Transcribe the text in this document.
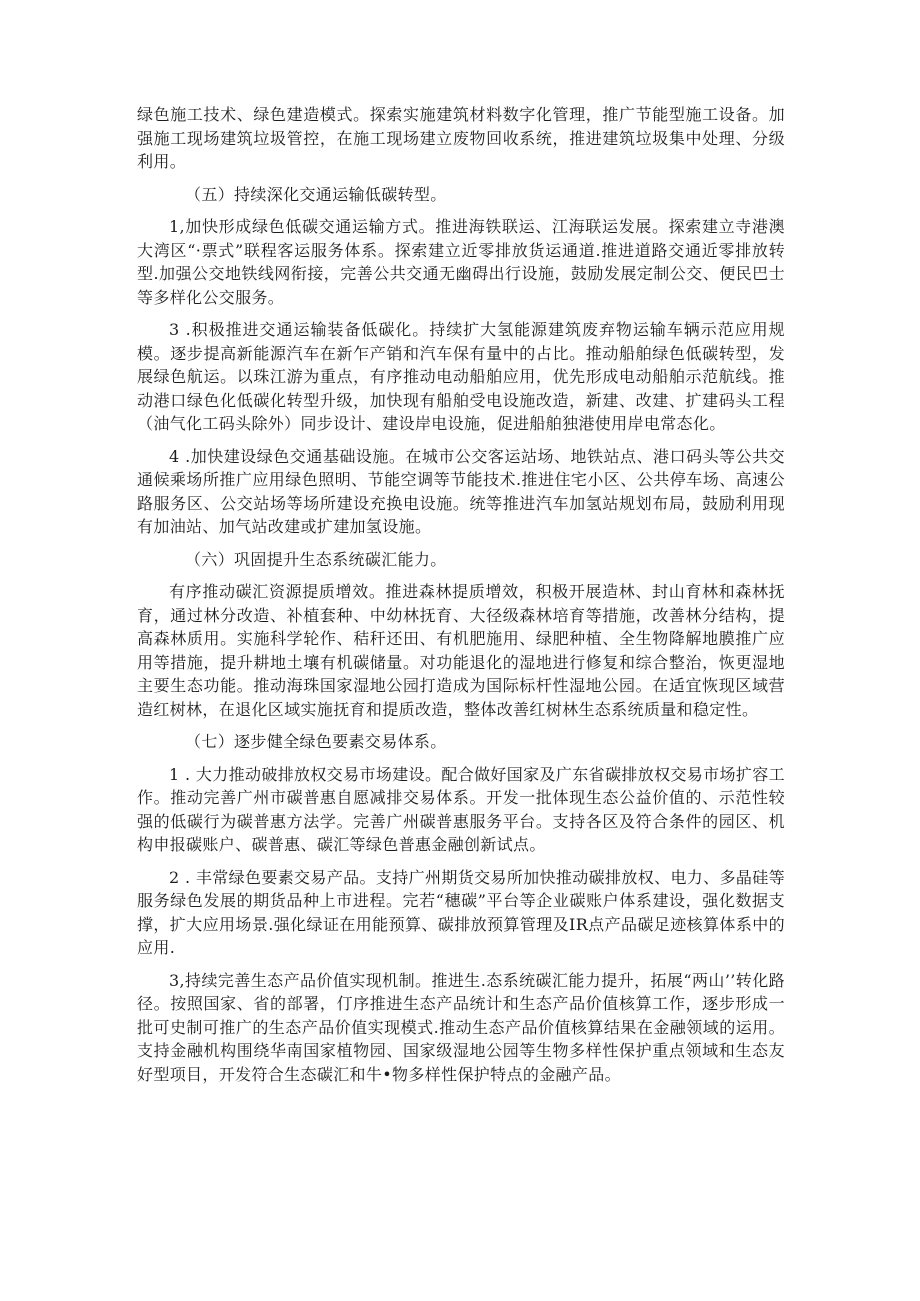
绿色施工技术、绿色建造模式。探索实施建筑材料数字化管理，推广节能型施工设备。加强施工现场建筑垃圾管控，在施工现场建立废物回收系统，推进建筑垃圾集中处理、分级利用。

（五）持续深化交通运输低碳转型。

1,加快形成绿色低碳交通运输方式。推进海铁联运、江海联运发展。探索建立寺港澳大湾区“·票式”联程客运服务体系。探索建立近零排放货运通道.推进道路交通近零排放转型.加强公交地铁线网衔接，完善公共交通无幽碍出行设施，鼓励发展定制公交、便民巴士等多样化公交服务。

3 .积极推进交通运输装备低碳化。持续扩大氢能源建筑废弃物运输车辆示范应用规模。逐步提高新能源汽车在新乍产销和汽车保有量中的占比。推动船舶绿色低碳转型，发展绿色航运。以珠江游为重点，有序推动电动船舶应用，优先形成电动船舶示范航线。推动港口绿色化低碳化转型升级，加快现有船舶受电设施改造，新建、改建、扩建码头工程（油气化工码头除外）同步设计、建设岸电设施，促进船舶独港使用岸电常态化。

4 .加快建设绿色交通基础设施。在城市公交客运站场、地铁站点、港口码头等公共交通候乘场所推广应用绿色照明、节能空调等节能技术.推进住宅小区、公共停车场、高速公路服务区、公交站场等场所建设充换电设施。统等推进汽车加氢站规划布局，鼓励利用现有加油站、加气站改建或扩建加氢设施。

（六）巩固提升生态系统碳汇能力。

有序推动碳汇资源提质增效。推进森林提质增效，积极开展造林、封山育林和森林抚育，通过林分改造、补植套种、中幼林抚育、大径级森林培育等措施，改善林分结构，提高森林质用。实施科学轮作、秸秆还田、有机肥施用、绿肥种植、全生物降解地膜推广应用等措施，提升耕地土壤有机碳储量。对功能退化的湿地进行修复和综合整治，恢更湿地主要生态功能。推动海珠国家湿地公园打造成为国际标杆性湿地公园。在适宜恢现区域营造红树林，在退化区域实施抚育和提质改造，整体改善红树林生态系统质量和稳定性。

（七）逐步健全绿色要素交易体系。

1 . 大力推动破排放权交易市场建设。配合做好国家及广东省碳排放权交易市场扩容工作。推动完善广州市碳普惠自愿减排交易体系。开发一批体现生态公益价值的、示范性较强的低碳行为碳普惠方法学。完善广州碳普惠服务平台。支持各区及符合条件的园区、机构申报碳账户、碳普惠、碳汇等绿色普惠金融创新试点。

2 . 丰常绿色要素交易产品。支持广州期货交易所加快推动碳排放权、电力、多晶硅等服务绿色发展的期货品种上市进程。完若“穗碳”平台等企业碳账户体系建设，强化数据支撑，扩大应用场景.强化绿证在用能预算、碳排放预算管理及IR点产品碳足迹核算体系中的应用.

3,持续完善生态产品价值实现机制。推进生.态系统碳汇能力提升，拓展“两山’’转化路径。按照国家、省的部署，仃序推进生态产品统计和生态产品价值核算工作，逐步形成一批可史制可推广的生态产品价值实现模式.推动生态产品价值核算结果在金融领域的运用。支持金融机构围绕华南国家植物园、国家级湿地公园等生物多样性保护重点领域和生态友好型项目，开发符合生态碳汇和牛•物多样性保护特点的金融产品。
